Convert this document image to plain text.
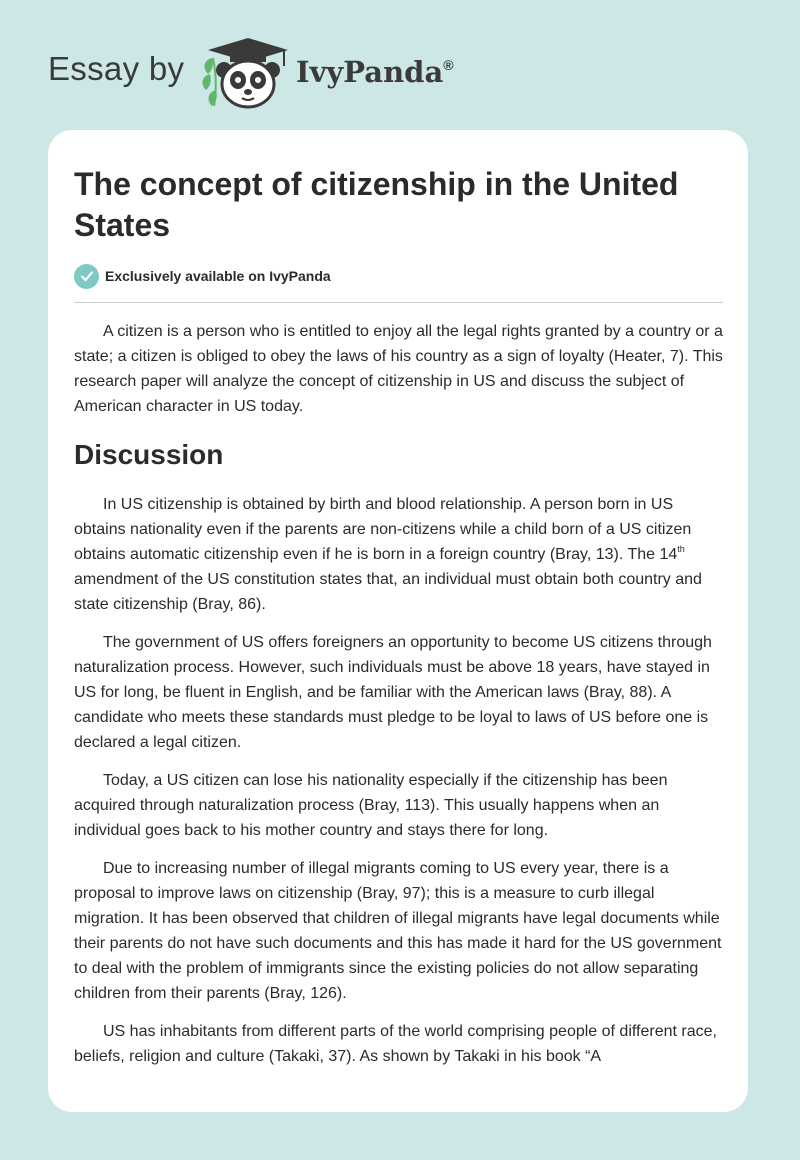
Essay by	IvyPanda®
The concept of citizenship in the United States
Exclusively available on IvyPanda

A citizen is a person who is entitled to enjoy all the legal rights granted by a country or a state; a citizen is obliged to obey the laws of his country as a sign of loyalty (Heater, 7). This research paper will analyze the concept of citizenship in US and discuss the subject of American character in US today.

Discussion

In US citizenship is obtained by birth and blood relationship. A person born in US obtains nationality even if the parents are non-citizens while a child born of a US citizen obtains automatic citizenship even if he is born in a foreign country (Bray, 13). The 14th amendment of the US constitution states that, an individual must obtain both country and state citizenship (Bray, 86).

The government of US offers foreigners an opportunity to become US citizens through naturalization process. However, such individuals must be above 18 years, have stayed in US for long, be fluent in English, and be familiar with the American laws (Bray, 88). A candidate who meets these standards must pledge to be loyal to laws of US before one is declared a legal citizen.

Today, a US citizen can lose his nationality especially if the citizenship has been acquired through naturalization process (Bray, 113). This usually happens when an individual goes back to his mother country and stays there for long.

Due to increasing number of illegal migrants coming to US every year, there is a proposal to improve laws on citizenship (Bray, 97); this is a measure to curb illegal migration. It has been observed that children of illegal migrants have legal documents while their parents do not have such documents and this has made it hard for the US government to deal with the problem of immigrants since the existing policies do not allow separating children from their parents (Bray, 126).

US has inhabitants from different parts of the world comprising people of different race, beliefs, religion and culture (Takaki, 37). As shown by Takaki in his book “A
